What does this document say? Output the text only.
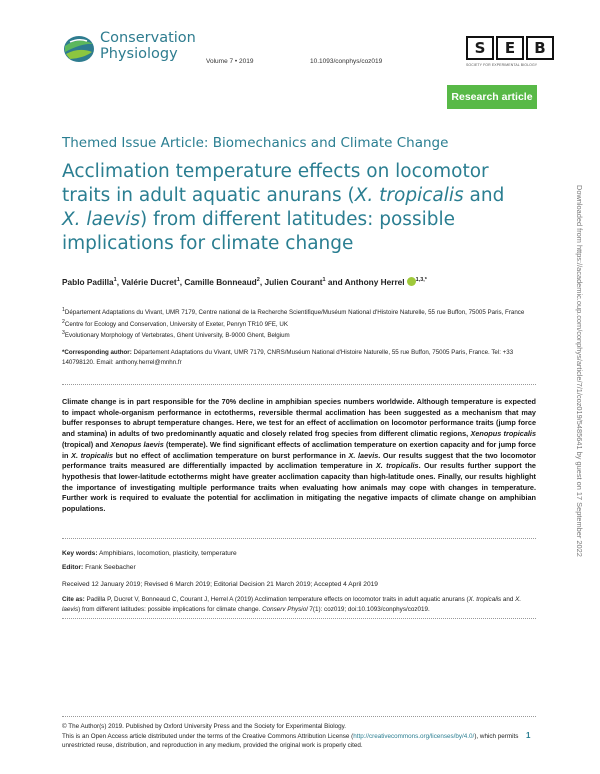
Conservation
Physiology	Volume 7 • 2019	10.1093/conphys/coz019
S	E	B
SOCIETY FOR EXPERIMENTAL BIOLOGY
Research article
Themed Issue Article: Biomechanics and Climate Change
Acclimation temperature effects on locomotor traits in adult aquatic anurans (X. tropicalis and X. laevis) from different latitudes: possible implications for climate change
Pablo Padilla$^1$, Valérie Ducret$^1$, Camille Bonneaud$^2$, Julien Courant$^1$ and Anthony Herrel $^{1,3,*}$
$^1$Département Adaptations du Vivant, UMR 7179, Centre national de la Recherche Scientifique/Muséum National d'Histoire Naturelle, 55 rue Buffon, 75005 Paris, France
$^2$Centre for Ecology and Conservation, University of Exeter, Penryn TR10 9FE, UK
$^3$Evolutionary Morphology of Vertebrates, Ghent University, B-9000 Ghent, Belgium
*Corresponding author: Département Adaptations du Vivant, UMR 7179, CNRS/Muséum National d'Histoire Naturelle, 55 rue Buffon, 75005 Paris, France. Tel: +33 140798120. Email: anthony.herrel@mnhn.fr
Climate change is in part responsible for the 70% decline in amphibian species numbers worldwide. Although temperature is expected to impact whole-organism performance in ectotherms, reversible thermal acclimation has been suggested as a mechanism that may buffer responses to abrupt temperature changes. Here, we test for an effect of acclimation on locomotor performance traits (jump force and stamina) in adults of two predominantly aquatic and closely related frog species from different climatic regions, Xenopus tropicalis (tropical) and Xenopus laevis (temperate). We find significant effects of acclimation temperature on exertion capacity and for jump force in X. tropicalis but no effect of acclimation temperature on burst performance in X. laevis. Our results suggest that the two locomotor performance traits measured are differentially impacted by acclimation temperature in X. tropicalis. Our results further support the hypothesis that lower-latitude ectotherms might have greater acclimation capacity than high-latitude ones. Finally, our results highlight the importance of investigating multiple performance traits when evaluating how animals may cope with changes in temperature. Further work is required to evaluate the potential for acclimation in mitigating the negative impacts of climate change on amphibian populations.
Key words: Amphibians, locomotion, plasticity, temperature
Editor: Frank Seebacher
Received 12 January 2019; Revised 6 March 2019; Editorial Decision 21 March 2019; Accepted 4 April 2019
Cite as: Padilla P, Ducret V, Bonneaud C, Courant J, Herrel A (2019) Acclimation temperature effects on locomotor traits in adult aquatic anurans (X. tropicalis and X. laevis) from different latitudes: possible implications for climate change. Conserv Physiol 7(1): coz019; doi:10.1093/conphys/coz019.
© The Author(s) 2019. Published by Oxford University Press and the Society for Experimental Biology.
This is an Open Access article distributed under the terms of the Creative Commons Attribution License (http://creativecommons.org/licenses/by/4.0/), which permits unrestricted reuse, distribution, and reproduction in any medium, provided the original work is properly cited.
1
Downloaded from https://academic.oup.com/conphys/article/7/1/coz019/5485641 by guest on 17 September 2022
